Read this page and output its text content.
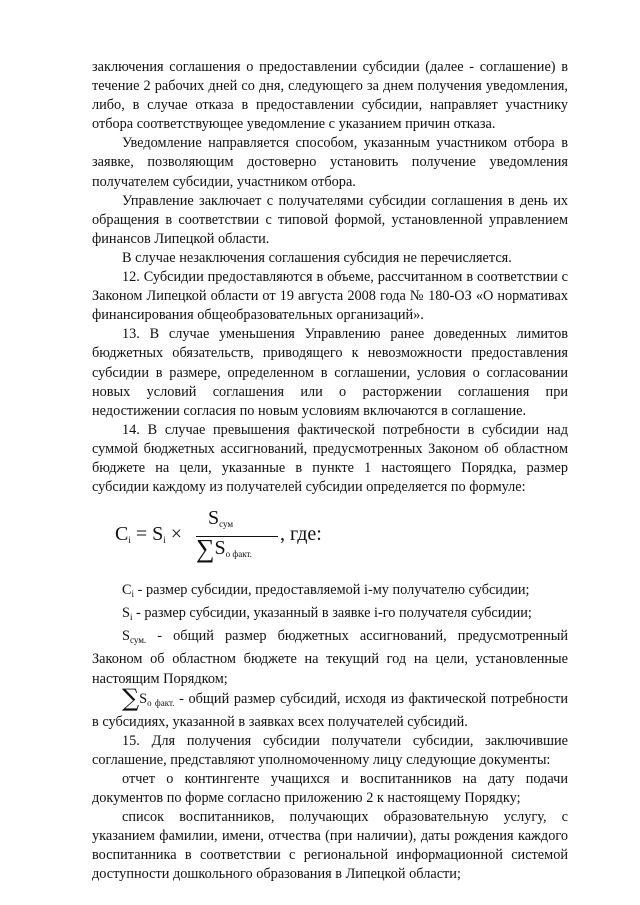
заключения соглашения о предоставлении субсидии (далее - соглашение) в течение 2 рабочих дней со дня, следующего за днем получения уведомления, либо, в случае отказа в предоставлении субсидии, направляет участнику отбора соответствующее уведомление с указанием причин отказа.

Уведомление направляется способом, указанным участником отбора в заявке, позволяющим достоверно установить получение уведомления получателем субсидии, участником отбора.

Управление заключает с получателями субсидии соглашения в день их обращения в соответствии с типовой формой, установленной управлением финансов Липецкой области.

В случае незаключения соглашения субсидия не перечисляется.

12. Субсидии предоставляются в объеме, рассчитанном в соответствии с Законом Липецкой области от 19 августа 2008 года № 180-ОЗ «О нормативах финансирования общеобразовательных организаций».

13. В случае уменьшения Управлению ранее доведенных лимитов бюджетных обязательств, приводящего к невозможности предоставления субсидии в размере, определенном в соглашении, условия о согласовании новых условий соглашения или о расторжении соглашения при недостижении согласия по новым условиям включаются в соглашение.

14. В случае превышения фактической потребности в субсидии над суммой бюджетных ассигнований, предусмотренных Законом об областном бюджете на цели, указанные в пункте 1 настоящего Порядка, размер субсидии каждому из получателей субсидии определяется по формуле:

$C_i = S_i$ ×
$S_{сум}$
$\sum S_{о факт.}$
, где:

$C_i$ - размер субсидии, предоставляемой i-му получателю субсидии;

$S_i$ - размер субсидии, указанный в заявке i-го получателя субсидии;

$S_{сум.}$ - общий размер бюджетных ассигнований, предусмотренный Законом об областном бюджете на текущий год на цели, установленные настоящим Порядком;

$\sum S_{о факт.}$ - общий размер субсидий, исходя из фактической потребности в субсидиях, указанной в заявках всех получателей субсидий.

15. Для получения субсидии получатели субсидии, заключившие соглашение, представляют уполномоченному лицу следующие документы:

отчет о контингенте учащихся и воспитанников на дату подачи документов по форме согласно приложению 2 к настоящему Порядку;

список воспитанников, получающих образовательную услугу, с указанием фамилии, имени, отчества (при наличии), даты рождения каждого воспитанника в соответствии с региональной информационной системой доступности дошкольного образования в Липецкой области;
